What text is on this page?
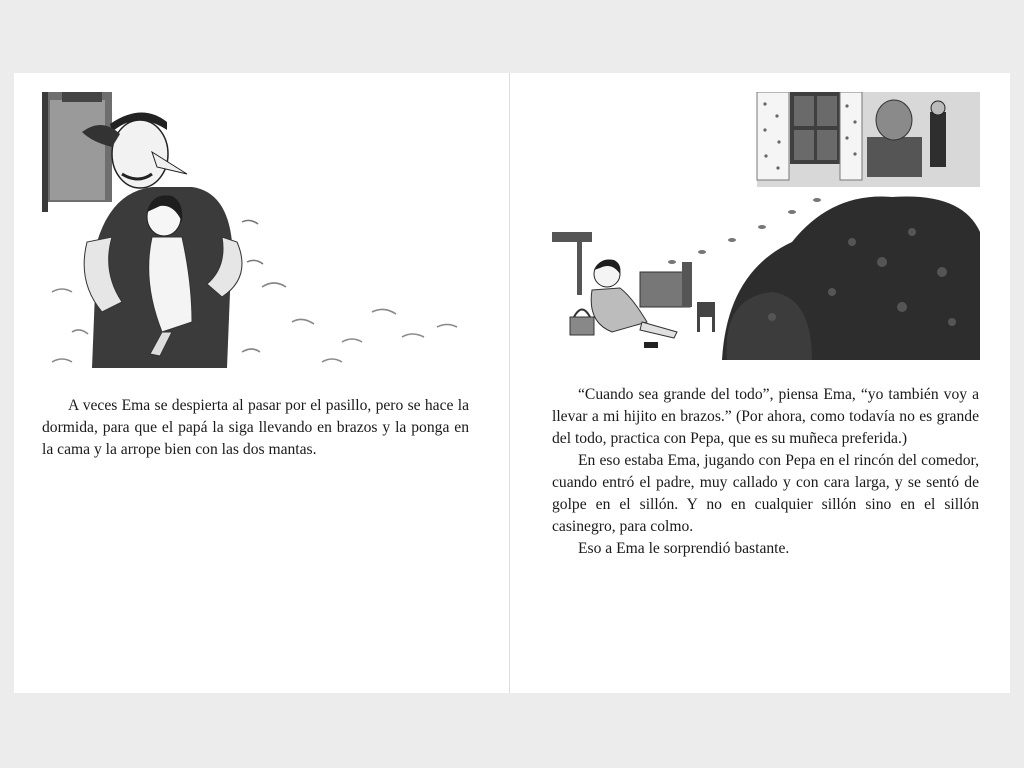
A veces Ema se despierta al pasar por el pasillo, pero se hace la dormida, para que el papá la siga llevando en brazos y la ponga en la cama y la arrope bien con las dos mantas.

“Cuando sea grande del todo”, piensa Ema, “yo también voy a llevar a mi hijito en brazos.” (Por ahora, como todavía no es grande del todo, practica con Pepa, que es su muñeca preferida.)

En eso estaba Ema, jugando con Pepa en el rincón del comedor, cuando entró el padre, muy callado y con cara larga, y se sentó de golpe en el sillón. Y no en cualquier sillón sino en el sillón casinegro, para colmo.

Eso a Ema le sorprendió bastante.
